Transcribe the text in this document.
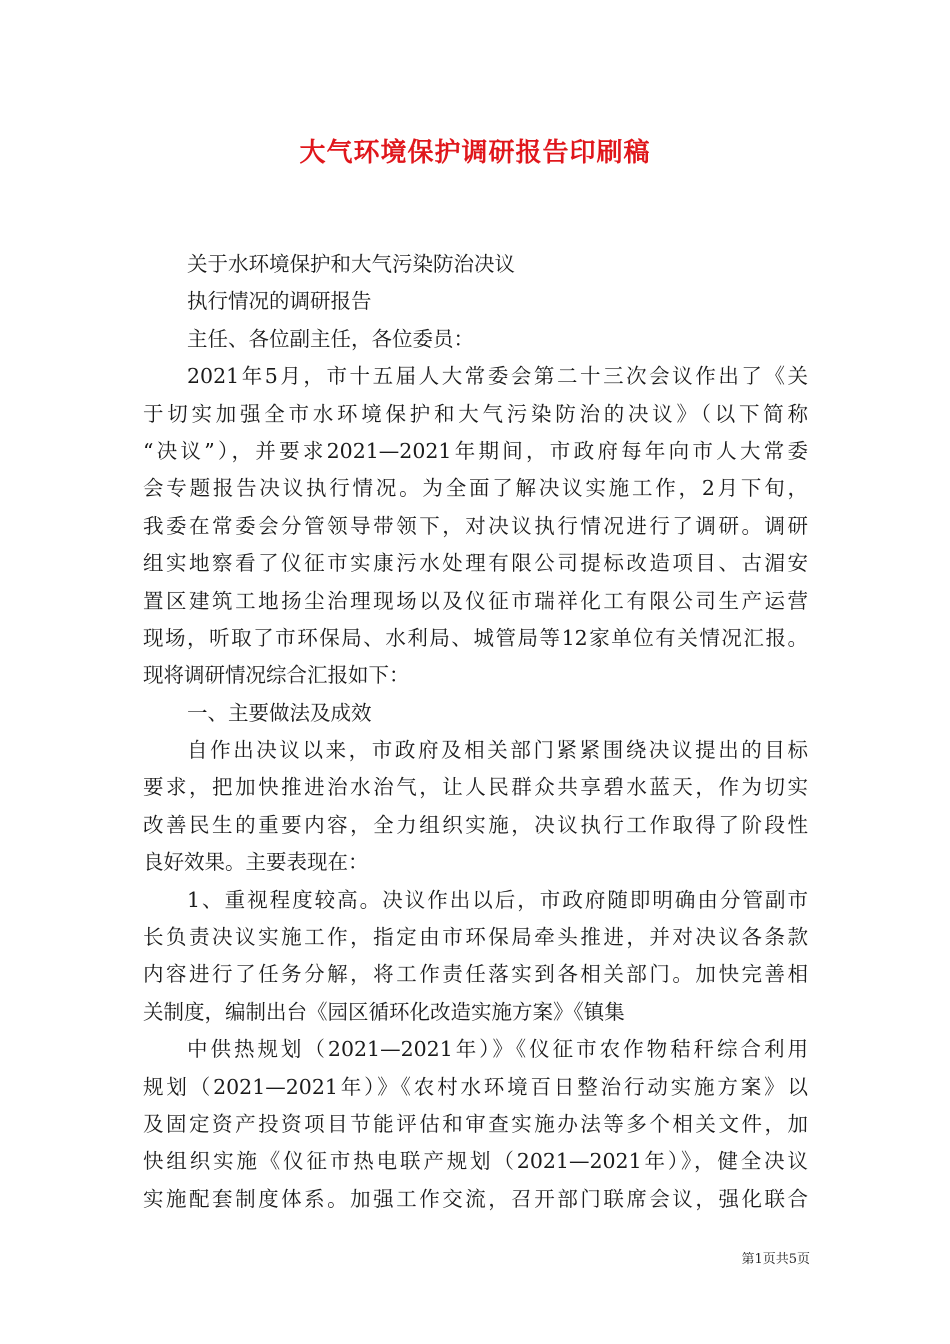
大气环境保护调研报告印刷稿
关于水环境保护和大气污染防治决议
执行情况的调研报告
主任、各位副主任，各位委员：
2021年5月，市十五届人大常委会第二十三次会议作出了《关
于切实加强全市水环境保护和大气污染防治的决议》（以下简称
“决议”），并要求2021—2021年期间，市政府每年向市人大常委
会专题报告决议执行情况。为全面了解决议实施工作，2月下旬，
我委在常委会分管领导带领下，对决议执行情况进行了调研。调研
组实地察看了仪征市实康污水处理有限公司提标改造项目、古湄安
置区建筑工地扬尘治理现场以及仪征市瑞祥化工有限公司生产运营
现场，听取了市环保局、水利局、城管局等12家单位有关情况汇报。
现将调研情况综合汇报如下：
一、主要做法及成效
自作出决议以来，市政府及相关部门紧紧围绕决议提出的目标
要求，把加快推进治水治气，让人民群众共享碧水蓝天，作为切实
改善民生的重要内容，全力组织实施，决议执行工作取得了阶段性
良好效果。主要表现在：
1、重视程度较高。决议作出以后，市政府随即明确由分管副市
长负责决议实施工作，指定由市环保局牵头推进，并对决议各条款
内容进行了任务分解，将工作责任落实到各相关部门。加快完善相
关制度，编制出台《园区循环化改造实施方案》《镇集
中供热规划（2021—2021年）》《仪征市农作物秸秆综合利用
规划（2021—2021年）》《农村水环境百日整治行动实施方案》以
及固定资产投资项目节能评估和审查实施办法等多个相关文件，加
快组织实施《仪征市热电联产规划（2021—2021年）》，健全决议
实施配套制度体系。加强工作交流，召开部门联席会议，强化联合
第1页共5页
